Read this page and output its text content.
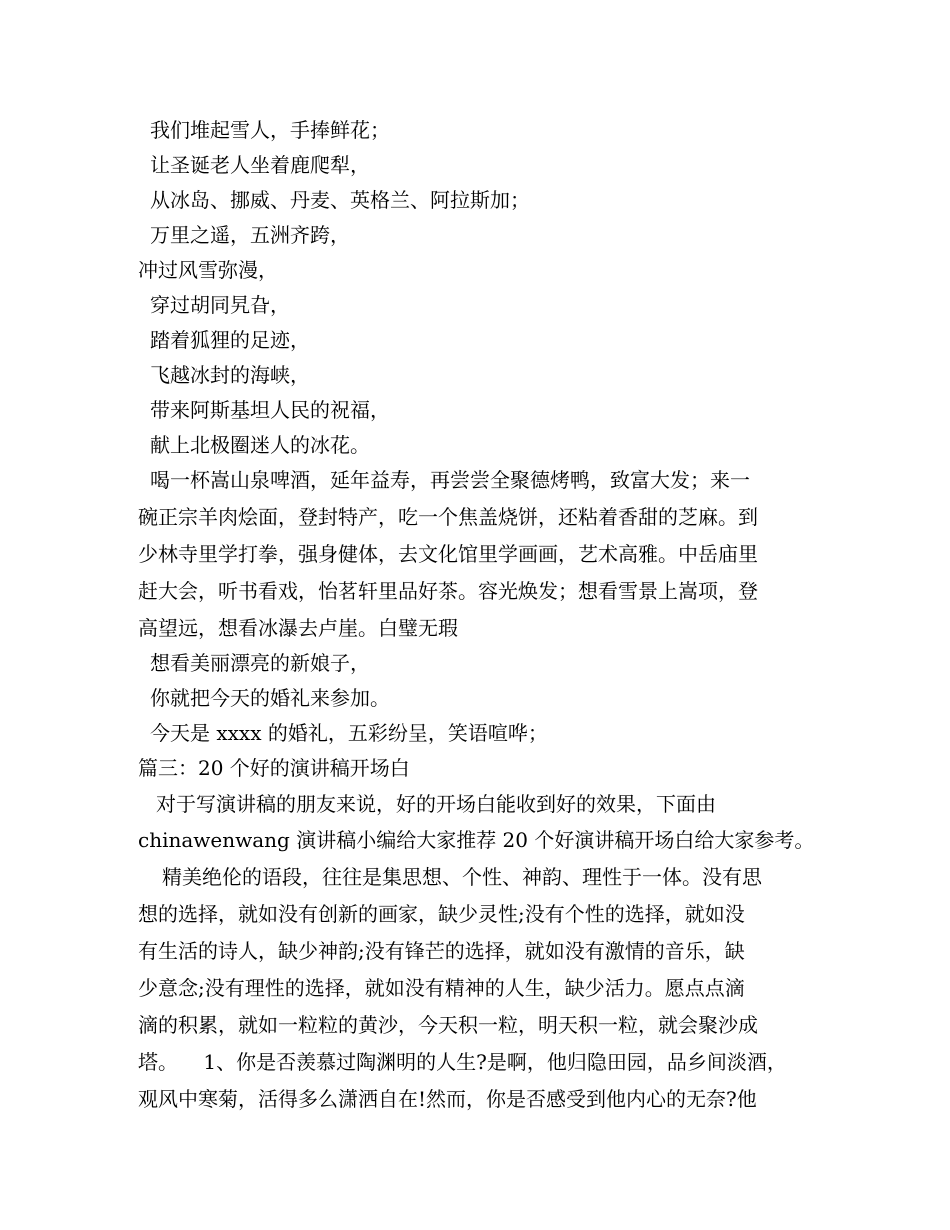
我们堆起雪人，手捧鲜花；
让圣诞老人坐着鹿爬犁，
从冰岛、挪威、丹麦、英格兰、阿拉斯加；
万里之遥，五洲齐跨，
冲过风雪弥漫，
穿过胡同旯旮，
踏着狐狸的足迹，
飞越冰封的海峡，
带来阿斯基坦人民的祝福，
献上北极圈迷人的冰花。
喝一杯嵩山泉啤酒，延年益寿，再尝尝全聚德烤鸭，致富大发；来一
碗正宗羊肉烩面，登封特产，吃一个焦盖烧饼，还粘着香甜的芝麻。到
少林寺里学打拳，强身健体，去文化馆里学画画，艺术高雅。中岳庙里
赶大会，听书看戏，怡茗轩里品好茶。容光焕发；想看雪景上嵩项，登
高望远，想看冰瀑去卢崖。白璧无瑕
想看美丽漂亮的新娘子，
你就把今天的婚礼来参加。
今天是 xxxx 的婚礼，五彩纷呈，笑语喧哗；
篇三：20 个好的演讲稿开场白
对于写演讲稿的朋友来说，好的开场白能收到好的效果，下面由
chinawenwang 演讲稿小编给大家推荐 20 个好演讲稿开场白给大家参考。
精美绝伦的语段，往往是集思想、个性、神韵、理性于一体。没有思
想的选择，就如没有创新的画家，缺少灵性;没有个性的选择，就如没
有生活的诗人，缺少神韵;没有锋芒的选择，就如没有激情的音乐，缺
少意念;没有理性的选择，就如没有精神的人生，缺少活力。愿点点滴
滴的积累，就如一粒粒的黄沙，今天积一粒，明天积一粒，就会聚沙成
塔。    1、你是否羡慕过陶渊明的人生?是啊，他归隐田园，品乡间淡酒，
观风中寒菊，活得多么潇洒自在!然而，你是否感受到他内心的无奈?他
